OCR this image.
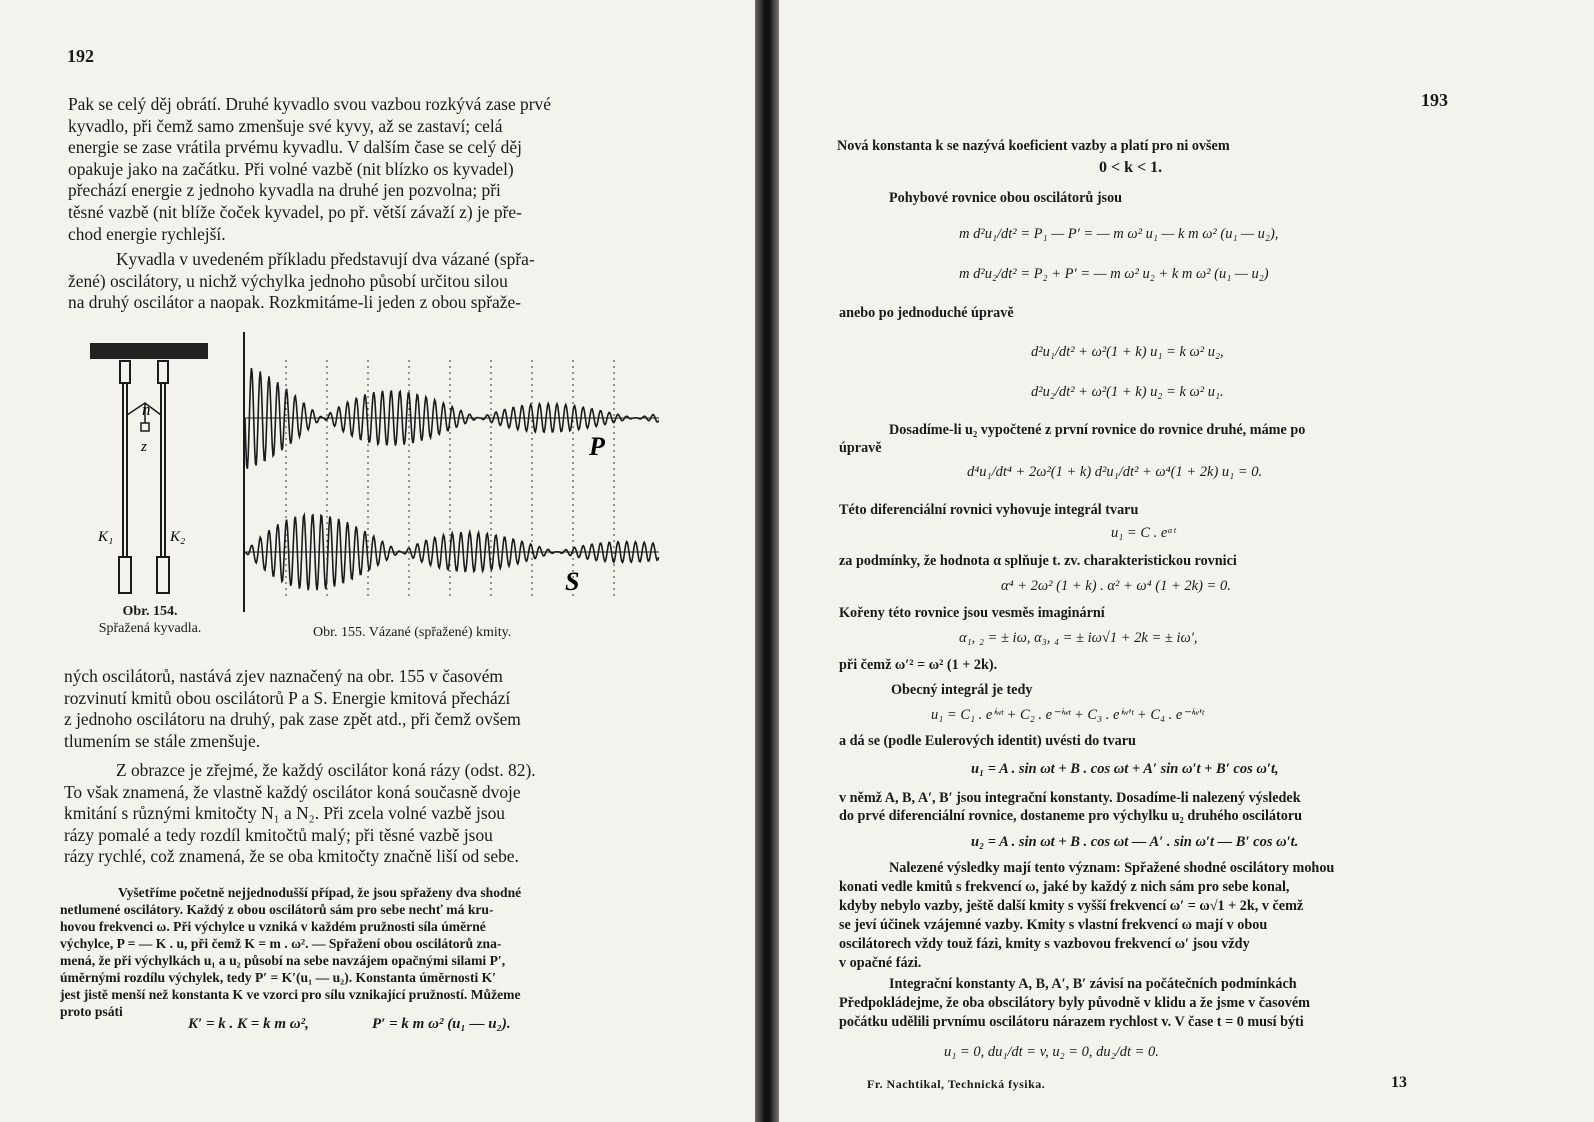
192
Pak se celý děj obrátí. Druhé kyvadlo svou vazbou rozkývá zase prvé
kyvadlo, při čemž samo zmenšuje své kyvy, až se zastaví; celá
energie se zase vrátila prvému kyvadlu. V dalším čase se celý děj
opakuje jako na začátku. Při volné vazbě (nit blízko os kyvadel)
přechází energie z jednoho kyvadla na druhé jen pozvolna; při
těsné vazbě (nit blíže čoček kyvadel, po př. větší závaží z) je pře-
chod energie rychlejší.
Kyvadla v uvedeném příkladu představují dva vázané (spřa-
žené) oscilátory, u nichž výchylka jednoho působí určitou silou
na druhý oscilátor a naopak. Rozkmitáme-li jeden z obou spřaže-
n
z
K₁	K₂
Obr. 154.
Spřažená kyvadla.
P
S
Obr. 155. Vázané (spřažené) kmity.
ných oscilátorů, nastává zjev naznačený na obr. 155 v časovém
rozvinutí kmitů obou oscilátorů P a S. Energie kmitová přechází
z jednoho oscilátoru na druhý, pak zase zpět atd., při čemž ovšem
tlumením se stále zmenšuje.
Z obrazce je zřejmé, že každý oscilátor koná rázy (odst. 82).
To však znamená, že vlastně každý oscilátor koná současně dvoje
kmitání s různými kmitočty N₁ a N₂. Při zcela volné vazbě jsou
rázy pomalé a tedy rozdíl kmitočtů malý; při těsné vazbě jsou
rázy rychlé, což znamená, že se oba kmitočty značně liší od sebe.
Vyšetříme početně nejjednodušší případ, že jsou spřaženy dva shodné
netlumené oscilátory. Každý z obou oscilátorů sám pro sebe nechť má kru-
hovou frekvenci ω. Při výchylce u vzniká v každém pružnosti síla úměrné
výchylce, P = — K . u, při čemž K = m . ω². — Spřažení obou oscilátorů zna-
mená, že při výchylkách u₁ a u₂ působí na sebe navzájem opačnými silami P′,
úměrnými rozdílu výchylek, tedy P′ = K′(u₁ — u₂). Konstanta úměrnosti K′
jest jistě menší než konstanta K ve vzorci pro sílu vznikající pružností. Můžeme
proto psáti
K′ = k . K = k m ω²,	P′ = k m ω² (u₁ — u₂).
193
Nová konstanta k se nazývá koeficient vazby a platí pro ni ovšem
0 < k < 1.
Pohybové rovnice obou oscilátorů jsou
m d²u₁/dt² = P₁ — P′ = — m ω² u₁ — k m ω² (u₁ — u₂),
m d²u₂/dt² = P₂ + P′ = — m ω² u₂ + k m ω² (u₁ — u₂)
anebo po jednoduché úpravě
d²u₁/dt² + ω²(1 + k) u₁ = k ω² u₂,
d²u₂/dt² + ω²(1 + k) u₂ = k ω² u₁.
Dosadíme-li u₂ vypočtené z první rovnice do rovnice druhé, máme po
úpravě
d⁴u₁/dt⁴ + 2ω²(1 + k) d²u₁/dt² + ω⁴(1 + 2k) u₁ = 0.
Této diferenciální rovnici vyhovuje integrál tvaru
u₁ = C . eᵅᵗ
za podmínky, že hodnota α splňuje t. zv. charakteristickou rovnici
α⁴ + 2ω² (1 + k) . α² + ω⁴ (1 + 2k) = 0.
Kořeny této rovnice jsou vesměs imaginární
α₁, ₂ = ± iω, α₃, ₄ = ± iω√1 + 2k = ± iω′,
při čemž ω′² = ω² (1 + 2k).
Obecný integrál je tedy
u₁ = C₁ . eⁱʷᵗ + C₂ . e⁻ⁱʷᵗ + C₃ . eⁱʷ′ᵗ + C₄ . e⁻ⁱʷ′ᵗ
a dá se (podle Eulerových identit) uvésti do tvaru
u₁ = A . sin ωt + B . cos ωt + A′ sin ω′t + B′ cos ω′t,
v němž A, B, A′, B′ jsou integrační konstanty. Dosadíme-li nalezený výsledek
do prvé diferenciální rovnice, dostaneme pro výchylku u₂ druhého oscilátoru
u₂ = A . sin ωt + B . cos ωt — A′ . sin ω′t — B′ cos ω′t.
Nalezené výsledky mají tento význam: Spřažené shodné oscilátory mohou
konati vedle kmitů s frekvencí ω, jaké by každý z nich sám pro sebe konal,
kdyby nebylo vazby, ještě další kmity s vyšší frekvencí ω′ = ω√1 + 2k, v čemž
se jeví účinek vzájemné vazby. Kmity s vlastní frekvencí ω mají v obou
oscilátorech vždy touž fázi, kmity s vazbovou frekvencí ω′ jsou vždy
v opačné fázi.
Integrační konstanty A, B, A′, B′ závisí na počátečních podmínkách
Předpokládejme, že oba obscilátory byly původně v klidu a že jsme v časovém
počátku udělili prvnímu oscilátoru nárazem rychlost v. V čase t = 0 musí býti
u₁ = 0, du₁/dt = v, u₂ = 0, du₂/dt = 0.
Fr. Nachtikal, Technická fysika.	13
